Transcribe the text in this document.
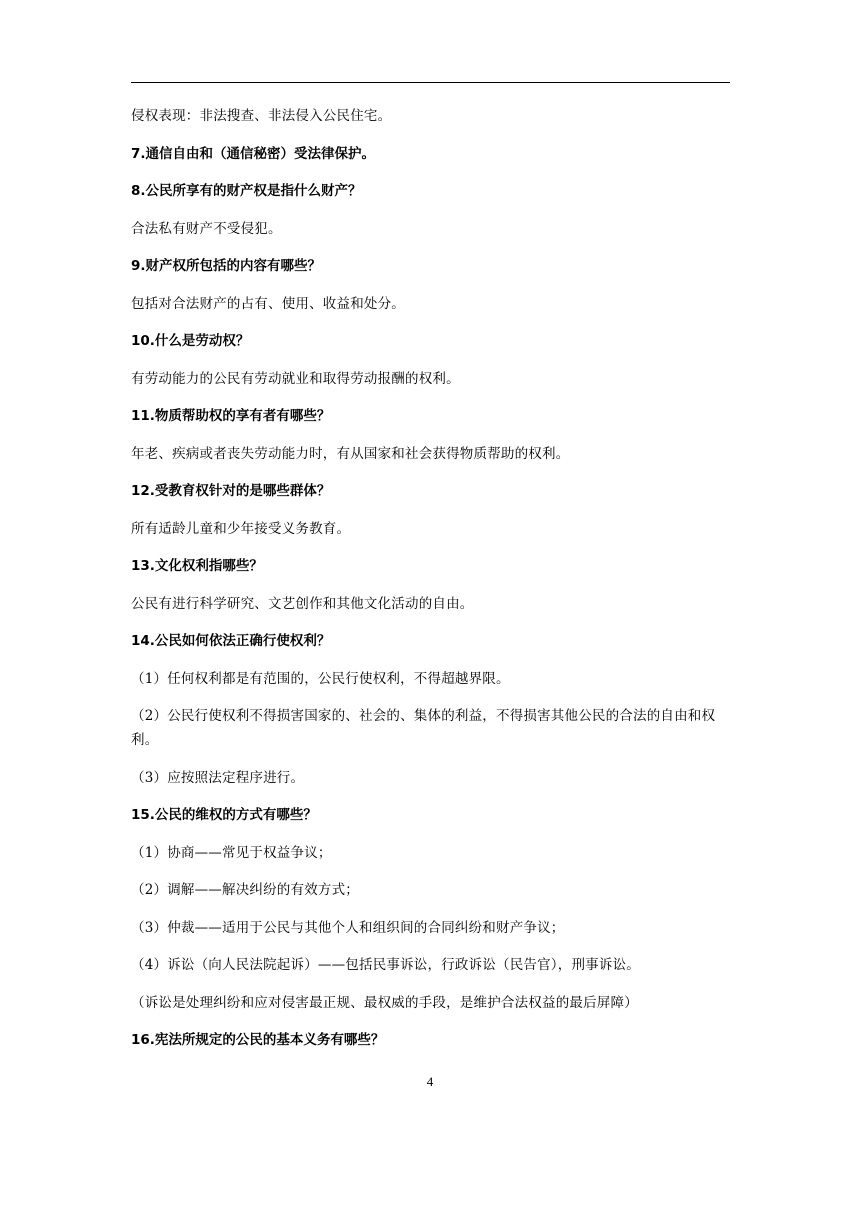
侵权表现：非法搜查、非法侵入公民住宅。

7.通信自由和（通信秘密）受法律保护。

8.公民所享有的财产权是指什么财产？

合法私有财产不受侵犯。

9.财产权所包括的内容有哪些？

包括对合法财产的占有、使用、收益和处分。

10.什么是劳动权？

有劳动能力的公民有劳动就业和取得劳动报酬的权利。

11.物质帮助权的享有者有哪些？

年老、疾病或者丧失劳动能力时，有从国家和社会获得物质帮助的权利。

12.受教育权针对的是哪些群体？

所有适龄儿童和少年接受义务教育。

13.文化权利指哪些？

公民有进行科学研究、文艺创作和其他文化活动的自由。

14.公民如何依法正确行使权利？

（1）任何权利都是有范围的，公民行使权利，不得超越界限。

（2）公民行使权利不得损害国家的、社会的、集体的利益，不得损害其他公民的合法的自由和权利。

（3）应按照法定程序进行。

15.公民的维权的方式有哪些？

（1）协商——常见于权益争议；

（2）调解——解决纠纷的有效方式；

（3）仲裁——适用于公民与其他个人和组织间的合同纠纷和财产争议；

（4）诉讼（向人民法院起诉）——包括民事诉讼，行政诉讼（民告官），刑事诉讼。

（诉讼是处理纠纷和应对侵害最正规、最权威的手段，是维护合法权益的最后屏障）

16.宪法所规定的公民的基本义务有哪些？

4
